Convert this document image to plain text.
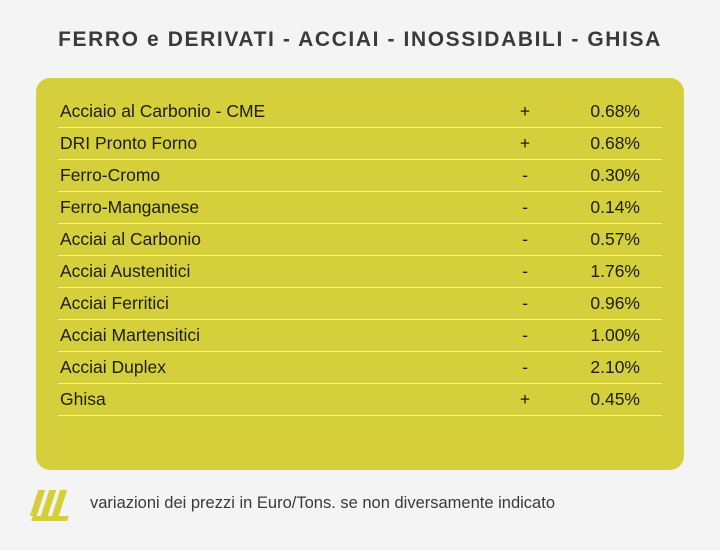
FERRO e DERIVATI - ACCIAI - INOSSIDABILI - GHISA
Acciaio al Carbonio - CME	+	0.68%
DRI Pronto Forno	+	0.68%
Ferro-Cromo	-	0.30%
Ferro-Manganese	-	0.14%
Acciai al Carbonio	-	0.57%
Acciai Austenitici	-	1.76%
Acciai Ferritici	-	0.96%
Acciai Martensitici	-	1.00%
Acciai Duplex	-	2.10%
Ghisa	+	0.45%
variazioni dei prezzi in Euro/Tons. se non diversamente indicato
